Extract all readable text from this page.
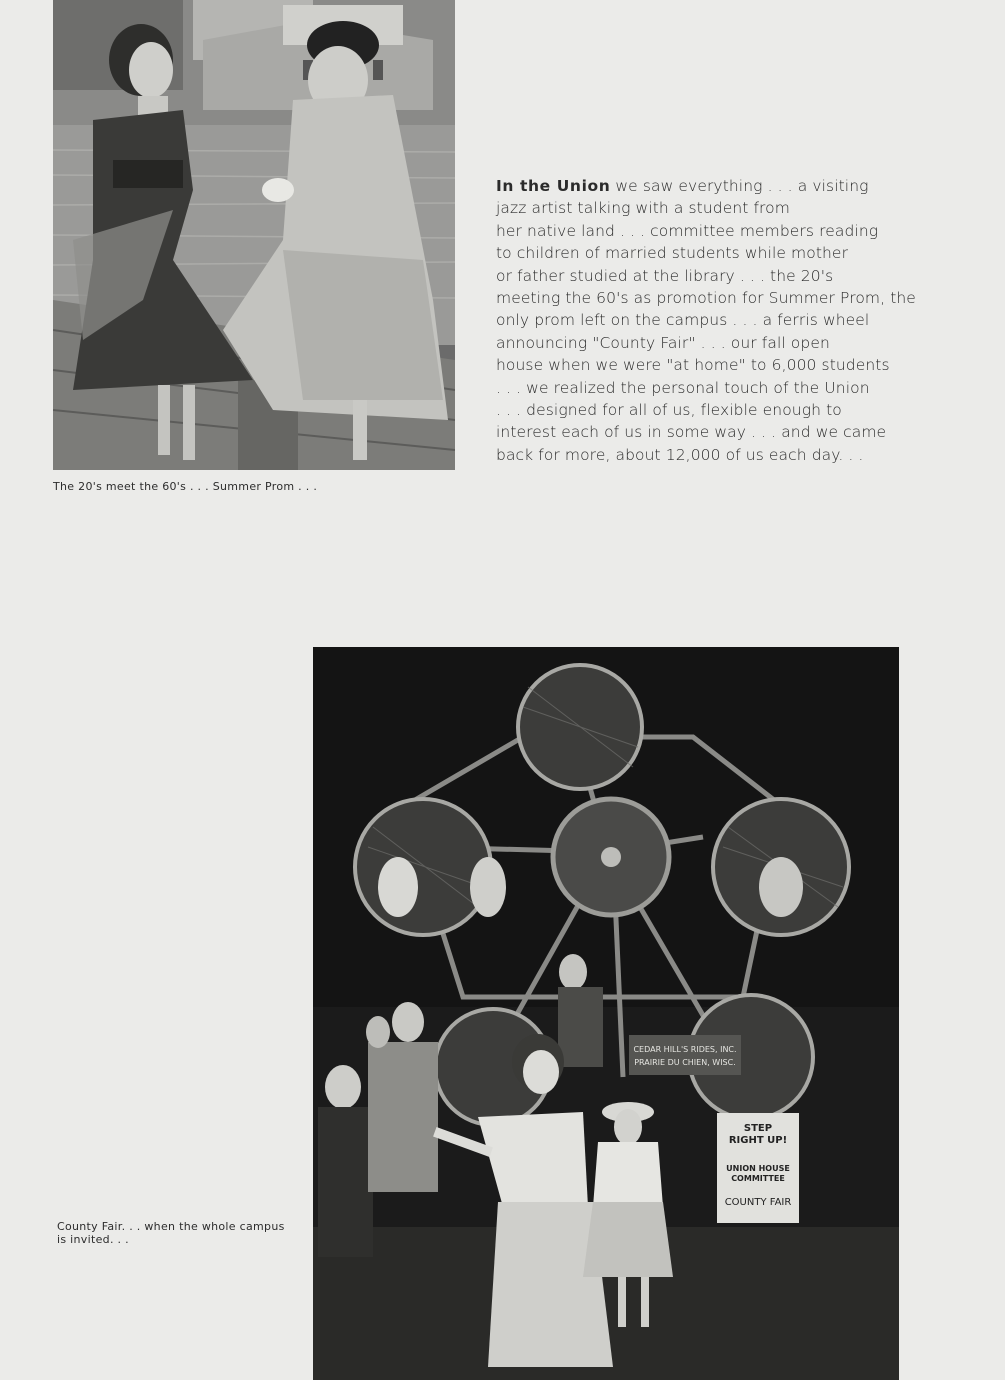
The 20's meet the 60's . . . Summer Prom . . .
In the Union we saw everything . . . a visiting
jazz artist talking with a student from
her native land . . . committee members reading
to children of married students while mother
or father studied at the library . . . the 20's
meeting the 60's as promotion for Summer Prom, the
only prom left on the campus . . . a ferris wheel
announcing "County Fair" . . . our fall open
house when we were "at home" to 6,000 students
. . . we realized the personal touch of the Union
. . . designed for all of us, flexible enough to
interest each of us in some way . . . and we came
back for more, about 12,000 of us each day. . .
CEDAR HILL'S RIDES, INC.
PRAIRIE DU CHIEN, WISC.
STEP
RIGHT UP!
UNION HOUSE
COMMITTEE
COUNTY FAIR
County Fair. . . when the whole campus is invited. . .
